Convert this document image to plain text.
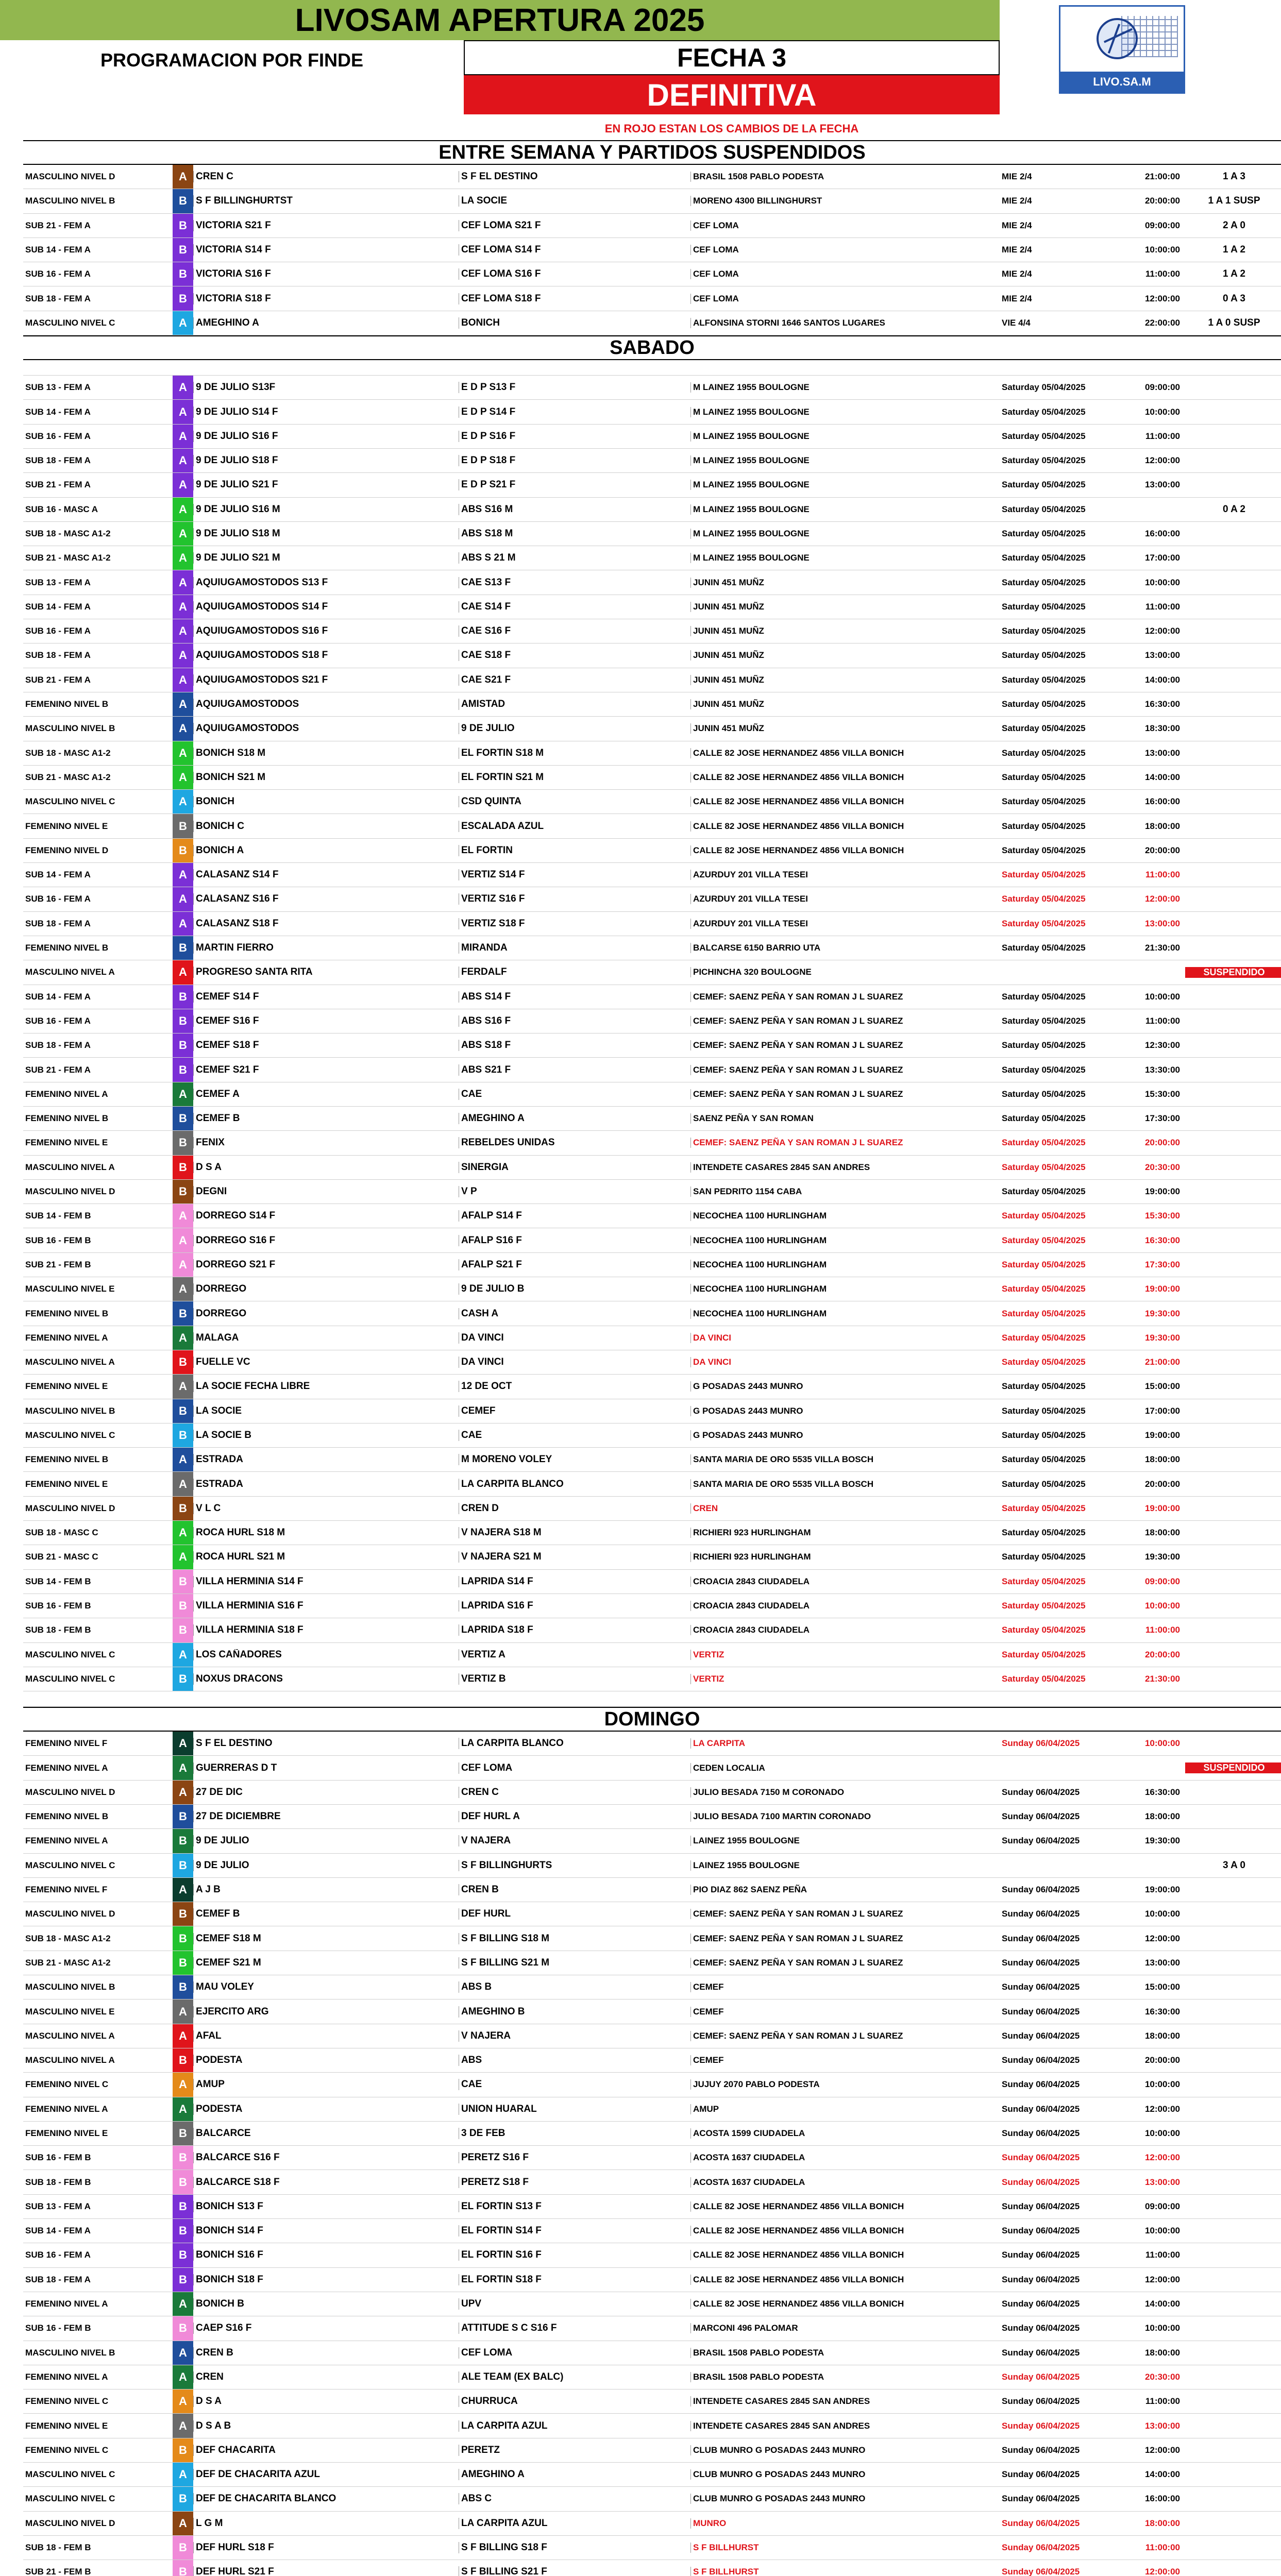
LIVOSAM APERTURA 2025
PROGRAMACION POR FINDE	FECHA 3
DEFINITIVA
EN ROJO ESTAN LOS CAMBIOS DE LA FECHA
LIVO.SA.M
ENTRE SEMANA Y PARTIDOS SUSPENDIDOS
MASCULINO NIVEL D	A CREN C	S F EL DESTINO	BRASIL 1508 PABLO PODESTA	MIE 2/4	21:00:00	1 A 3
MASCULINO NIVEL B	B S F BILLINGHURTST	LA SOCIE	MORENO 4300 BILLINGHURST	MIE 2/4	20:00:00	1 A 1 SUSP
SUB 21 - FEM A	B VICTORIA S21 F	CEF LOMA S21 F	CEF LOMA	MIE 2/4	09:00:00	2 A 0
SUB 14 - FEM A	B VICTORIA S14 F	CEF LOMA S14 F	CEF LOMA	MIE 2/4	10:00:00	1 A 2
SUB 16 - FEM A	B VICTORIA S16 F	CEF LOMA S16 F	CEF LOMA	MIE 2/4	11:00:00	1 A 2
SUB 18 - FEM A	B VICTORIA S18 F	CEF LOMA S18 F	CEF LOMA	MIE 2/4	12:00:00	0 A 3
MASCULINO NIVEL C	A AMEGHINO A	BONICH	ALFONSINA STORNI 1646 SANTOS LUGARES	VIE 4/4	22:00:00	1 A 0 SUSP
SABADO
SUB 13 - FEM A	A 9 DE JULIO S13F	E D P S13 F	M LAINEZ 1955 BOULOGNE	Saturday 05/04/2025	09:00:00
SUB 14 - FEM A	A 9 DE JULIO S14 F	E D P S14 F	M LAINEZ 1955 BOULOGNE	Saturday 05/04/2025	10:00:00
SUB 16 - FEM A	A 9 DE JULIO S16 F	E D P S16 F	M LAINEZ 1955 BOULOGNE	Saturday 05/04/2025	11:00:00
SUB 18 - FEM A	A 9 DE JULIO S18 F	E D P S18 F	M LAINEZ 1955 BOULOGNE	Saturday 05/04/2025	12:00:00
SUB 21 - FEM A	A 9 DE JULIO S21 F	E D P S21 F	M LAINEZ 1955 BOULOGNE	Saturday 05/04/2025	13:00:00
SUB 16 - MASC A	A 9 DE JULIO S16 M	ABS S16 M	M LAINEZ 1955 BOULOGNE	Saturday 05/04/2025	0 A 2
SUB 18 - MASC A1-2	A 9 DE JULIO S18 M	ABS S18 M	M LAINEZ 1955 BOULOGNE	Saturday 05/04/2025	16:00:00
SUB 21 - MASC A1-2	A 9 DE JULIO S21 M	ABS S 21 M	M LAINEZ 1955 BOULOGNE	Saturday 05/04/2025	17:00:00
SUB 13 - FEM A	A AQUIUGAMOSTODOS S13 F	CAE S13 F	JUNIN 451 MUÑZ	Saturday 05/04/2025	10:00:00
SUB 14 - FEM A	A AQUIUGAMOSTODOS S14 F	CAE S14 F	JUNIN 451 MUÑZ	Saturday 05/04/2025	11:00:00
SUB 16 - FEM A	A AQUIUGAMOSTODOS S16 F	CAE S16 F	JUNIN 451 MUÑZ	Saturday 05/04/2025	12:00:00
SUB 18 - FEM A	A AQUIUGAMOSTODOS S18 F	CAE S18 F	JUNIN 451 MUÑZ	Saturday 05/04/2025	13:00:00
SUB 21 - FEM A	A AQUIUGAMOSTODOS S21 F	CAE S21 F	JUNIN 451 MUÑZ	Saturday 05/04/2025	14:00:00
FEMENINO NIVEL B	A AQUIUGAMOSTODOS	AMISTAD	JUNIN 451 MUÑZ	Saturday 05/04/2025	16:30:00
MASCULINO NIVEL B	A AQUIUGAMOSTODOS	9 DE JULIO	JUNIN 451 MUÑZ	Saturday 05/04/2025	18:30:00
SUB 18 - MASC A1-2	A BONICH S18 M	EL FORTIN S18 M	CALLE 82 JOSE HERNANDEZ 4856 VILLA BONICH	Saturday 05/04/2025	13:00:00
SUB 21 - MASC A1-2	A BONICH S21 M	EL FORTIN S21 M	CALLE 82 JOSE HERNANDEZ 4856 VILLA BONICH	Saturday 05/04/2025	14:00:00
MASCULINO NIVEL C	A BONICH	CSD QUINTA	CALLE 82 JOSE HERNANDEZ 4856 VILLA BONICH	Saturday 05/04/2025	16:00:00
FEMENINO NIVEL E	B BONICH C	ESCALADA AZUL	CALLE 82 JOSE HERNANDEZ 4856 VILLA BONICH	Saturday 05/04/2025	18:00:00
FEMENINO NIVEL D	B BONICH A	EL FORTIN	CALLE 82 JOSE HERNANDEZ 4856 VILLA BONICH	Saturday 05/04/2025	20:00:00
SUB 14 - FEM A	A CALASANZ S14 F	VERTIZ S14 F	AZURDUY 201 VILLA TESEI	Saturday 05/04/2025	11:00:00
SUB 16 - FEM A	A CALASANZ S16 F	VERTIZ S16 F	AZURDUY 201 VILLA TESEI	Saturday 05/04/2025	12:00:00
SUB 18 - FEM A	A CALASANZ S18 F	VERTIZ S18 F	AZURDUY 201 VILLA TESEI	Saturday 05/04/2025	13:00:00
FEMENINO NIVEL B	B MARTIN FIERRO	MIRANDA	BALCARSE 6150 BARRIO UTA	Saturday 05/04/2025	21:30:00
MASCULINO NIVEL A	A PROGRESO SANTA RITA	FERDALF	PICHINCHA 320 BOULOGNE	SUSPENDIDO
SUB 14 - FEM A	B CEMEF S14 F	ABS S14 F	CEMEF: SAENZ PEÑA Y SAN ROMAN J L SUAREZ	Saturday 05/04/2025	10:00:00
SUB 16 - FEM A	B CEMEF S16 F	ABS S16 F	CEMEF: SAENZ PEÑA Y SAN ROMAN J L SUAREZ	Saturday 05/04/2025	11:00:00
SUB 18 - FEM A	B CEMEF S18 F	ABS S18 F	CEMEF: SAENZ PEÑA Y SAN ROMAN J L SUAREZ	Saturday 05/04/2025	12:30:00
SUB 21 - FEM A	B CEMEF S21 F	ABS S21 F	CEMEF: SAENZ PEÑA Y SAN ROMAN J L SUAREZ	Saturday 05/04/2025	13:30:00
FEMENINO NIVEL A	A CEMEF A	CAE	CEMEF: SAENZ PEÑA Y SAN ROMAN J L SUAREZ	Saturday 05/04/2025	15:30:00
FEMENINO NIVEL B	B CEMEF B	AMEGHINO A	SAENZ PEÑA Y SAN ROMAN	Saturday 05/04/2025	17:30:00
FEMENINO NIVEL E	B FENIX	REBELDES UNIDAS	CEMEF: SAENZ PEÑA Y SAN ROMAN J L SUAREZ	Saturday 05/04/2025	20:00:00
MASCULINO NIVEL A	B D S A	SINERGIA	INTENDETE CASARES 2845 SAN ANDRES	Saturday 05/04/2025	20:30:00
MASCULINO NIVEL D	B DEGNI	V P	SAN PEDRITO 1154 CABA	Saturday 05/04/2025	19:00:00
SUB 14 - FEM B	A DORREGO S14 F	AFALP S14 F	NECOCHEA 1100 HURLINGHAM	Saturday 05/04/2025	15:30:00
SUB 16 - FEM B	A DORREGO S16 F	AFALP S16 F	NECOCHEA 1100 HURLINGHAM	Saturday 05/04/2025	16:30:00
SUB 21 - FEM B	A DORREGO S21 F	AFALP S21 F	NECOCHEA 1100 HURLINGHAM	Saturday 05/04/2025	17:30:00
MASCULINO NIVEL E	A DORREGO	9 DE JULIO B	NECOCHEA 1100 HURLINGHAM	Saturday 05/04/2025	19:00:00
FEMENINO NIVEL B	B DORREGO	CASH A	NECOCHEA 1100 HURLINGHAM	Saturday 05/04/2025	19:30:00
FEMENINO NIVEL A	A MALAGA	DA VINCI	DA VINCI	Saturday 05/04/2025	19:30:00
MASCULINO NIVEL A	B FUELLE VC	DA VINCI	DA VINCI	Saturday 05/04/2025	21:00:00
FEMENINO NIVEL E	A LA SOCIE FECHA LIBRE	12 DE OCT	G POSADAS 2443 MUNRO	Saturday 05/04/2025	15:00:00
MASCULINO NIVEL B	B LA SOCIE	CEMEF	G POSADAS 2443 MUNRO	Saturday 05/04/2025	17:00:00
MASCULINO NIVEL C	B LA SOCIE B	CAE	G POSADAS 2443 MUNRO	Saturday 05/04/2025	19:00:00
FEMENINO NIVEL B	A ESTRADA	M MORENO VOLEY	SANTA MARIA DE ORO 5535 VILLA BOSCH	Saturday 05/04/2025	18:00:00
FEMENINO NIVEL E	A ESTRADA	LA CARPITA BLANCO	SANTA MARIA DE ORO 5535 VILLA BOSCH	Saturday 05/04/2025	20:00:00
MASCULINO NIVEL D	B V L C	CREN D	CREN	Saturday 05/04/2025	19:00:00
SUB 18 - MASC C	A ROCA HURL S18 M	V NAJERA S18 M	RICHIERI 923 HURLINGHAM	Saturday 05/04/2025	18:00:00
SUB 21 - MASC C	A ROCA HURL S21 M	V NAJERA S21 M	RICHIERI 923 HURLINGHAM	Saturday 05/04/2025	19:30:00
SUB 14 - FEM B	B VILLA HERMINIA S14 F	LAPRIDA S14 F	CROACIA 2843 CIUDADELA	Saturday 05/04/2025	09:00:00
SUB 16 - FEM B	B VILLA HERMINIA S16 F	LAPRIDA S16 F	CROACIA 2843 CIUDADELA	Saturday 05/04/2025	10:00:00
SUB 18 - FEM B	B VILLA HERMINIA S18 F	LAPRIDA S18 F	CROACIA 2843 CIUDADELA	Saturday 05/04/2025	11:00:00
MASCULINO NIVEL C	A LOS CAÑADORES	VERTIZ A	VERTIZ	Saturday 05/04/2025	20:00:00
MASCULINO NIVEL C	B NOXUS DRACONS	VERTIZ B	VERTIZ	Saturday 05/04/2025	21:30:00
DOMINGO
FEMENINO NIVEL F	A S F EL DESTINO	LA CARPITA BLANCO	LA CARPITA	Sunday 06/04/2025	10:00:00
FEMENINO NIVEL A	A GUERRERAS D T	CEF LOMA	CEDEN LOCALIA	SUSPENDIDO
MASCULINO NIVEL D	A 27 DE DIC	CREN C	JULIO BESADA 7150 M CORONADO	Sunday 06/04/2025	16:30:00
FEMENINO NIVEL B	B 27 DE DICIEMBRE	DEF HURL A	JULIO BESADA 7100 MARTIN CORONADO	Sunday 06/04/2025	18:00:00
FEMENINO NIVEL A	B 9 DE JULIO	V NAJERA	LAINEZ 1955 BOULOGNE	Sunday 06/04/2025	19:30:00
MASCULINO NIVEL C	B 9 DE JULIO	S F BILLINGHURTS	LAINEZ 1955 BOULOGNE	3 A 0
FEMENINO NIVEL F	A A J B	CREN B	PIO DIAZ 862 SAENZ PEÑA	Sunday 06/04/2025	19:00:00
MASCULINO NIVEL D	B CEMEF B	DEF HURL	CEMEF: SAENZ PEÑA Y SAN ROMAN J L SUAREZ	Sunday 06/04/2025	10:00:00
SUB 18 - MASC A1-2	B CEMEF S18 M	S F BILLING S18 M	CEMEF: SAENZ PEÑA Y SAN ROMAN J L SUAREZ	Sunday 06/04/2025	12:00:00
SUB 21 - MASC A1-2	B CEMEF S21 M	S F BILLING S21 M	CEMEF: SAENZ PEÑA Y SAN ROMAN J L SUAREZ	Sunday 06/04/2025	13:00:00
MASCULINO NIVEL B	B MAU VOLEY	ABS B	CEMEF	Sunday 06/04/2025	15:00:00
MASCULINO NIVEL E	A EJERCITO ARG	AMEGHINO B	CEMEF	Sunday 06/04/2025	16:30:00
MASCULINO NIVEL A	A AFAL	V NAJERA	CEMEF: SAENZ PEÑA Y SAN ROMAN J L SUAREZ	Sunday 06/04/2025	18:00:00
MASCULINO NIVEL A	B PODESTA	ABS	CEMEF	Sunday 06/04/2025	20:00:00
FEMENINO NIVEL C	A AMUP	CAE	JUJUY 2070 PABLO PODESTA	Sunday 06/04/2025	10:00:00
FEMENINO NIVEL A	A PODESTA	UNION HUARAL	AMUP	Sunday 06/04/2025	12:00:00
FEMENINO NIVEL E	B BALCARCE	3 DE FEB	ACOSTA 1599 CIUDADELA	Sunday 06/04/2025	10:00:00
SUB 16 - FEM B	B BALCARCE S16 F	PERETZ S16 F	ACOSTA 1637 CIUDADELA	Sunday 06/04/2025	12:00:00
SUB 18 - FEM B	B BALCARCE S18 F	PERETZ S18 F	ACOSTA 1637 CIUDADELA	Sunday 06/04/2025	13:00:00
SUB 13 - FEM A	B BONICH S13 F	EL FORTIN S13 F	CALLE 82 JOSE HERNANDEZ 4856 VILLA BONICH	Sunday 06/04/2025	09:00:00
SUB 14 - FEM A	B BONICH S14 F	EL FORTIN S14 F	CALLE 82 JOSE HERNANDEZ 4856 VILLA BONICH	Sunday 06/04/2025	10:00:00
SUB 16 - FEM A	B BONICH S16 F	EL FORTIN S16 F	CALLE 82 JOSE HERNANDEZ 4856 VILLA BONICH	Sunday 06/04/2025	11:00:00
SUB 18 - FEM A	B BONICH S18 F	EL FORTIN S18 F	CALLE 82 JOSE HERNANDEZ 4856 VILLA BONICH	Sunday 06/04/2025	12:00:00
FEMENINO NIVEL A	A BONICH B	UPV	CALLE 82 JOSE HERNANDEZ 4856 VILLA BONICH	Sunday 06/04/2025	14:00:00
SUB 16 - FEM B	B CAEP S16 F	ATTITUDE S C S16 F	MARCONI 496 PALOMAR	Sunday 06/04/2025	10:00:00
MASCULINO NIVEL B	A CREN B	CEF LOMA	BRASIL 1508 PABLO PODESTA	Sunday 06/04/2025	18:00:00
FEMENINO NIVEL A	A CREN	ALE TEAM (EX BALC)	BRASIL 1508 PABLO PODESTA	Sunday 06/04/2025	20:30:00
FEMENINO NIVEL C	A D S A	CHURRUCA	INTENDETE CASARES 2845 SAN ANDRES	Sunday 06/04/2025	11:00:00
FEMENINO NIVEL E	A D S A B	LA CARPITA AZUL	INTENDETE CASARES 2845 SAN ANDRES	Sunday 06/04/2025	13:00:00
FEMENINO NIVEL C	B DEF CHACARITA	PERETZ	CLUB MUNRO G POSADAS 2443 MUNRO	Sunday 06/04/2025	12:00:00
MASCULINO NIVEL C	A DEF DE CHACARITA AZUL	AMEGHINO A	CLUB MUNRO G POSADAS 2443 MUNRO	Sunday 06/04/2025	14:00:00
MASCULINO NIVEL C	B DEF DE CHACARITA BLANCO	ABS C	CLUB MUNRO G POSADAS 2443 MUNRO	Sunday 06/04/2025	16:00:00
MASCULINO NIVEL D	A L G M	LA CARPITA AZUL	MUNRO	Sunday 06/04/2025	18:00:00
SUB 18 - FEM B	B DEF HURL S18 F	S F BILLING S18 F	S F BILLHURST	Sunday 06/04/2025	11:00:00
SUB 21 - FEM B	B DEF HURL S21 F	S F BILLING S21 F	S F BILLHURST	Sunday 06/04/2025	12:00:00
